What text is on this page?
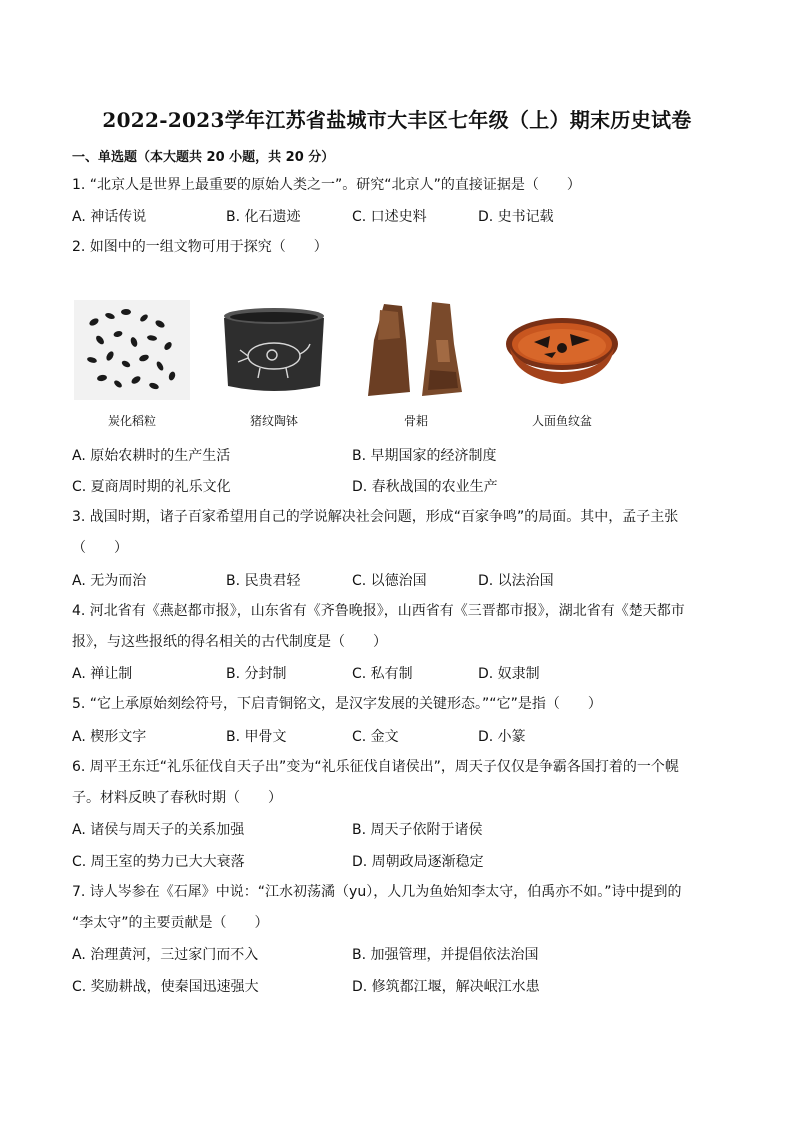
2022-2023学年江苏省盐城市大丰区七年级（上）期末历史试卷
一、单选题（本大题共 20 小题，共 20 分）
1. “北京人是世界上最重要的原始人类之一”。研究“北京人”的直接证据是（　　）
A. 神话传说	B. 化石遗迹	C. 口述史料	D. 史书记载
2. 如图中的一组文物可用于探究（　　）
炭化稻粒	猪纹陶钵	骨耜	人面鱼纹盆
A. 原始农耕时的生产生活	B. 早期国家的经济制度
C. 夏商周时期的礼乐文化	D. 春秋战国的农业生产
3. 战国时期，诸子百家希望用自己的学说解决社会问题，形成“百家争鸣”的局面。其中，孟子主张
（　　）
A. 无为而治	B. 民贵君轻	C. 以德治国	D. 以法治国
4. 河北省有《燕赵都市报》，山东省有《齐鲁晚报》，山西省有《三晋都市报》，湖北省有《楚天都市
报》，与这些报纸的得名相关的古代制度是（　　）
A. 禅让制	B. 分封制	C. 私有制	D. 奴隶制
5. “它上承原始刻绘符号，下启青铜铭文，是汉字发展的关键形态。”“它”是指（　　）
A. 楔形文字	B. 甲骨文	C. 金文	D. 小篆
6. 周平王东迁“礼乐征伐自天子出”变为“礼乐征伐自诸侯出”，周天子仅仅是争霸各国打着的一个幌
子。材料反映了春秋时期（　　）
A. 诸侯与周天子的关系加强	B. 周天子依附于诸侯
C. 周王室的势力已大大衰落	D. 周朝政局逐渐稳定
7. 诗人岑参在《石犀》中说：“江水初荡潏（yu），人几为鱼始知李太守，伯禹亦不如。”诗中提到的
“李太守”的主要贡献是（　　）
A. 治理黄河，三过家门而不入	B. 加强管理，并提倡依法治国
C. 奖励耕战，使秦国迅速强大	D. 修筑都江堰，解决岷江水患
